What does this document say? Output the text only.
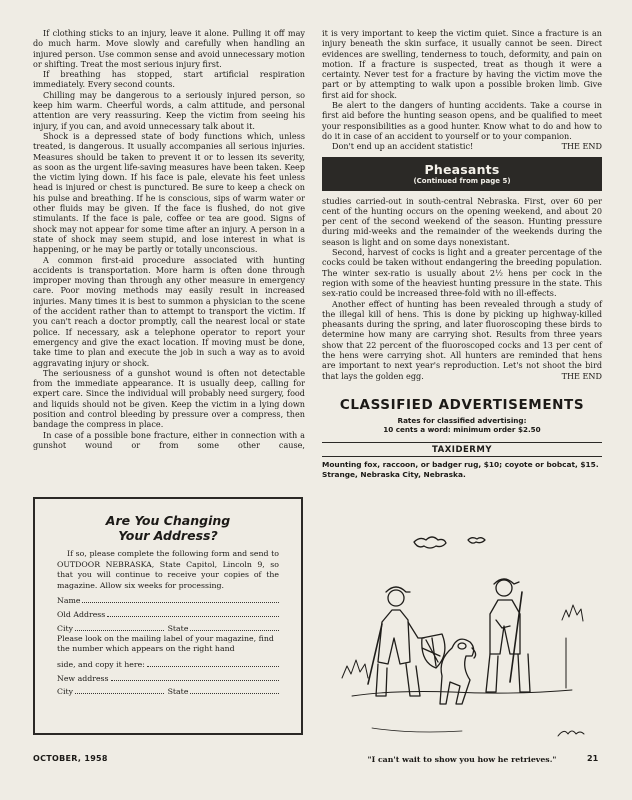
If clothing sticks to an injury, leave it alone. Pulling it off may do much harm. Move slowly and carefully when handling an injured person. Use common sense and avoid unnecessary motion or shifting. Treat the most serious injury first.

If breathing has stopped, start artificial respiration immediately. Every second counts.

Chilling may be dangerous to a seriously injured person, so keep him warm. Cheerful words, a calm attitude, and personal attention are very reassuring. Keep the victim from seeing his injury, if you can, and avoid unnecessary talk about it.

Shock is a depressed state of body functions which, unless treated, is dangerous. It usually accompanies all serious injuries. Measures should be taken to prevent it or to lessen its severity, as soon as the urgent life-saving measures have been taken. Keep the victim lying down. If his face is pale, elevate his feet unless head is injured or chest is punctured. Be sure to keep a check on his pulse and breathing. If he is conscious, sips of warm water or other fluids may be given. If the face is flushed, do not give stimulants. If the face is pale, coffee or tea are good. Signs of shock may not appear for some time after an injury. A person in a state of shock may seem stupid, and lose interest in what is happening, or he may be partly or totally unconscious.

A common first-aid procedure associated with hunting accidents is transportation. More harm is often done through improper moving than through any other measure in emergency care. Poor moving methods may easily result in increased injuries. Many times it is best to summon a physician to the scene of the accident rather than to attempt to transport the victim. If you can't reach a doctor promptly, call the nearest local or state police. If necessary, ask a telephone operator to report your emergency and give the exact location. If moving must be done, take time to plan and execute the job in such a way as to avoid aggravating injury or shock.

The seriousness of a gunshot wound is often not detectable from the immediate appearance. It is usually deep, calling for expert care. Since the individual will probably need surgery, food and liquids should not be given. Keep the victim in a lying down position and control bleeding by pressure over a compress, then bandage the compress in place.

In case of a possible bone fracture, either in connection with a gunshot wound or from some other cause,

it is very important to keep the victim quiet. Since a fracture is an injury beneath the skin surface, it usually cannot be seen. Direct evidences are swelling, tenderness to touch, deformity, and pain on motion. If a fracture is suspected, treat as though it were a certainty. Never test for a fracture by having the victim move the part or by attempting to walk upon a possible broken limb. Give first aid for shock.

Be alert to the dangers of hunting accidents. Take a course in first aid before the hunting season opens, and be qualified to meet your responsibilities as a good hunter. Know what to do and how to do it in case of an accident to yourself or to your companion.

Don't end up an accident statistic!	THE END

Pheasants
(Continued from page 5)

studies carried-out in south-central Nebraska. First, over 60 per cent of the hunting occurs on the opening weekend, and about 20 per cent of the second weekend of the season. Hunting pressure during mid-weeks and the remainder of the weekends during the season is light and on some days nonexistant.

Second, harvest of cocks is light and a greater percentage of the cocks could be taken without endangering the breeding population. The winter sex-ratio is usually about 2½ hens per cock in the region with some of the heaviest hunting pressure in the state. This sex-ratio could be increased three-fold with no ill-effects.

Another effect of hunting has been revealed through a study of the illegal kill of hens. This is done by picking up highway-killed pheasants during the spring, and later fluoroscoping these birds to determine how many are carrying shot. Results from three years show that 22 percent of the fluoroscoped cocks and 13 per cent of the hens were carrying shot. All hunters are reminded that hens are important to next year's reproduction. Let's not shoot the bird that lays the golden egg.	THE END
CLASSIFIED ADVERTISEMENTS
Rates for classified advertising:
10 cents a word: minimum order $2.50
TAXIDERMY
Mounting fox, raccoon, or badger rug, $10; coyote or bobcat, $15. Strange, Nebraska City, Nebraska.
"I can't wait to show you how he retrieves."
Are You Changing
Your Address?

If so, please complete the following form and send to OUTDOOR NEBRASKA, State Capitol, Lincoln 9, so that you will continue to receive your copies of the magazine. Allow six weeks for processing.

Name
Old Address
City	State
Please look on the mailing label of your magazine, find the number which appears on the right hand
side, and copy it here:
New address
City	State
OCTOBER, 1958	21
